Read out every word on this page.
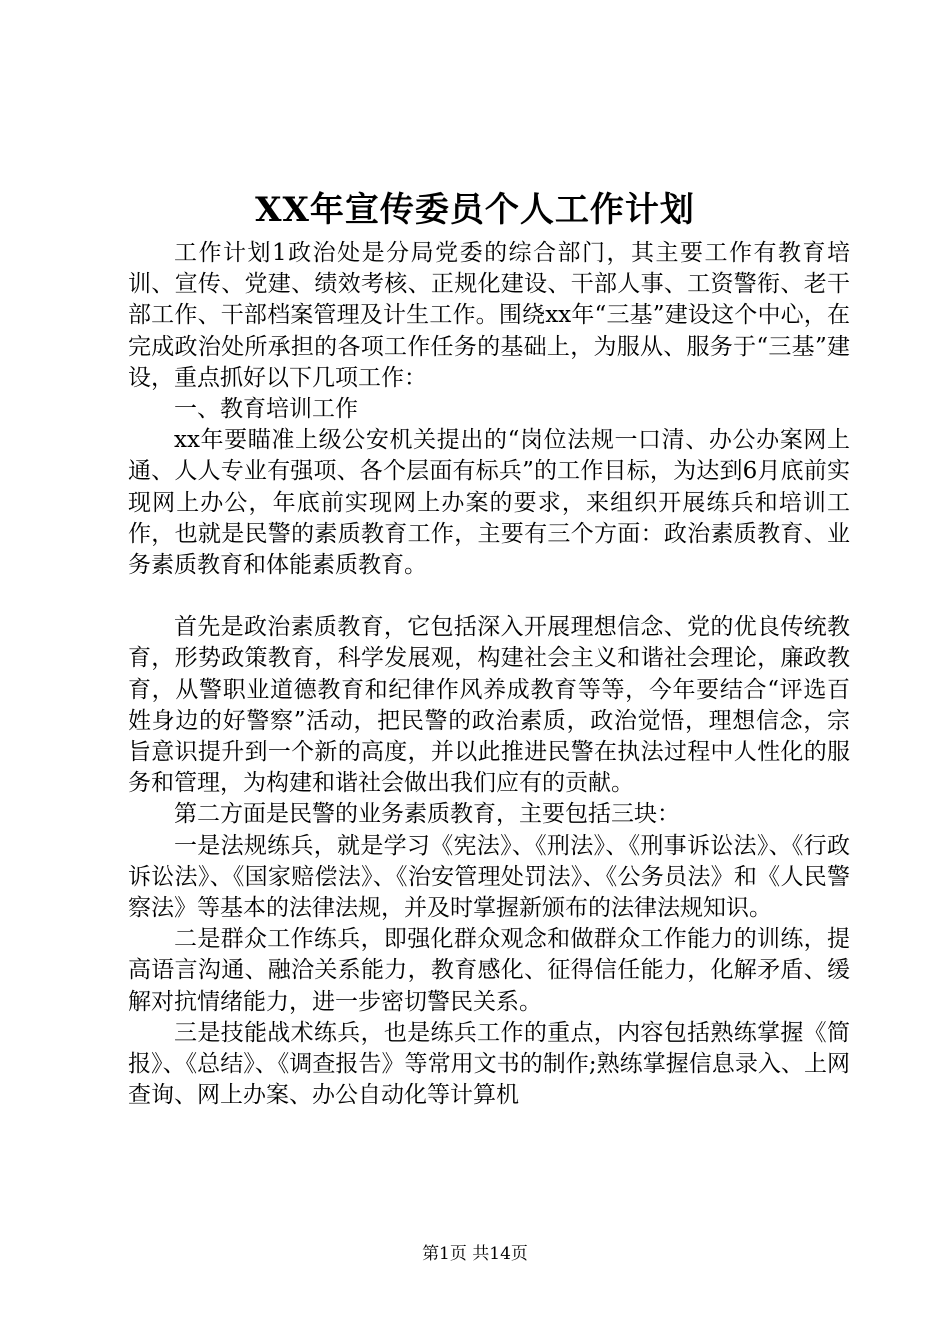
XX年宣传委员个人工作计划

工作计划1政治处是分局党委的综合部门，其主要工作有教育培训、宣传、党建、绩效考核、正规化建设、干部人事、工资警衔、老干部工作、干部档案管理及计生工作。围绕xx年“三基”建设这个中心，在完成政治处所承担的各项工作任务的基础上，为服从、服务于“三基”建设，重点抓好以下几项工作：

一、教育培训工作

xx年要瞄准上级公安机关提出的“岗位法规一口清、办公办案网上通、人人专业有强项、各个层面有标兵”的工作目标，为达到6月底前实现网上办公，年底前实现网上办案的要求，来组织开展练兵和培训工作，也就是民警的素质教育工作，主要有三个方面：政治素质教育、业务素质教育和体能素质教育。

首先是政治素质教育，它包括深入开展理想信念、党的优良传统教育，形势政策教育，科学发展观，构建社会主义和谐社会理论，廉政教育，从警职业道德教育和纪律作风养成教育等等，今年要结合“评选百姓身边的好警察”活动，把民警的政治素质，政治觉悟，理想信念，宗旨意识提升到一个新的高度，并以此推进民警在执法过程中人性化的服务和管理，为构建和谐社会做出我们应有的贡献。

第二方面是民警的业务素质教育，主要包括三块：

一是法规练兵，就是学习《宪法》、《刑法》、《刑事诉讼法》、《行政诉讼法》、《国家赔偿法》、《治安管理处罚法》、《公务员法》和《人民警察法》等基本的法律法规，并及时掌握新颁布的法律法规知识。

二是群众工作练兵，即强化群众观念和做群众工作能力的训练，提高语言沟通、融洽关系能力，教育感化、征得信任能力，化解矛盾、缓解对抗情绪能力，进一步密切警民关系。

三是技能战术练兵，也是练兵工作的重点，内容包括熟练掌握《简报》、《总结》、《调查报告》等常用文书的制作;熟练掌握信息录入、上网查询、网上办案、办公自动化等计算机

第1页 共14页
